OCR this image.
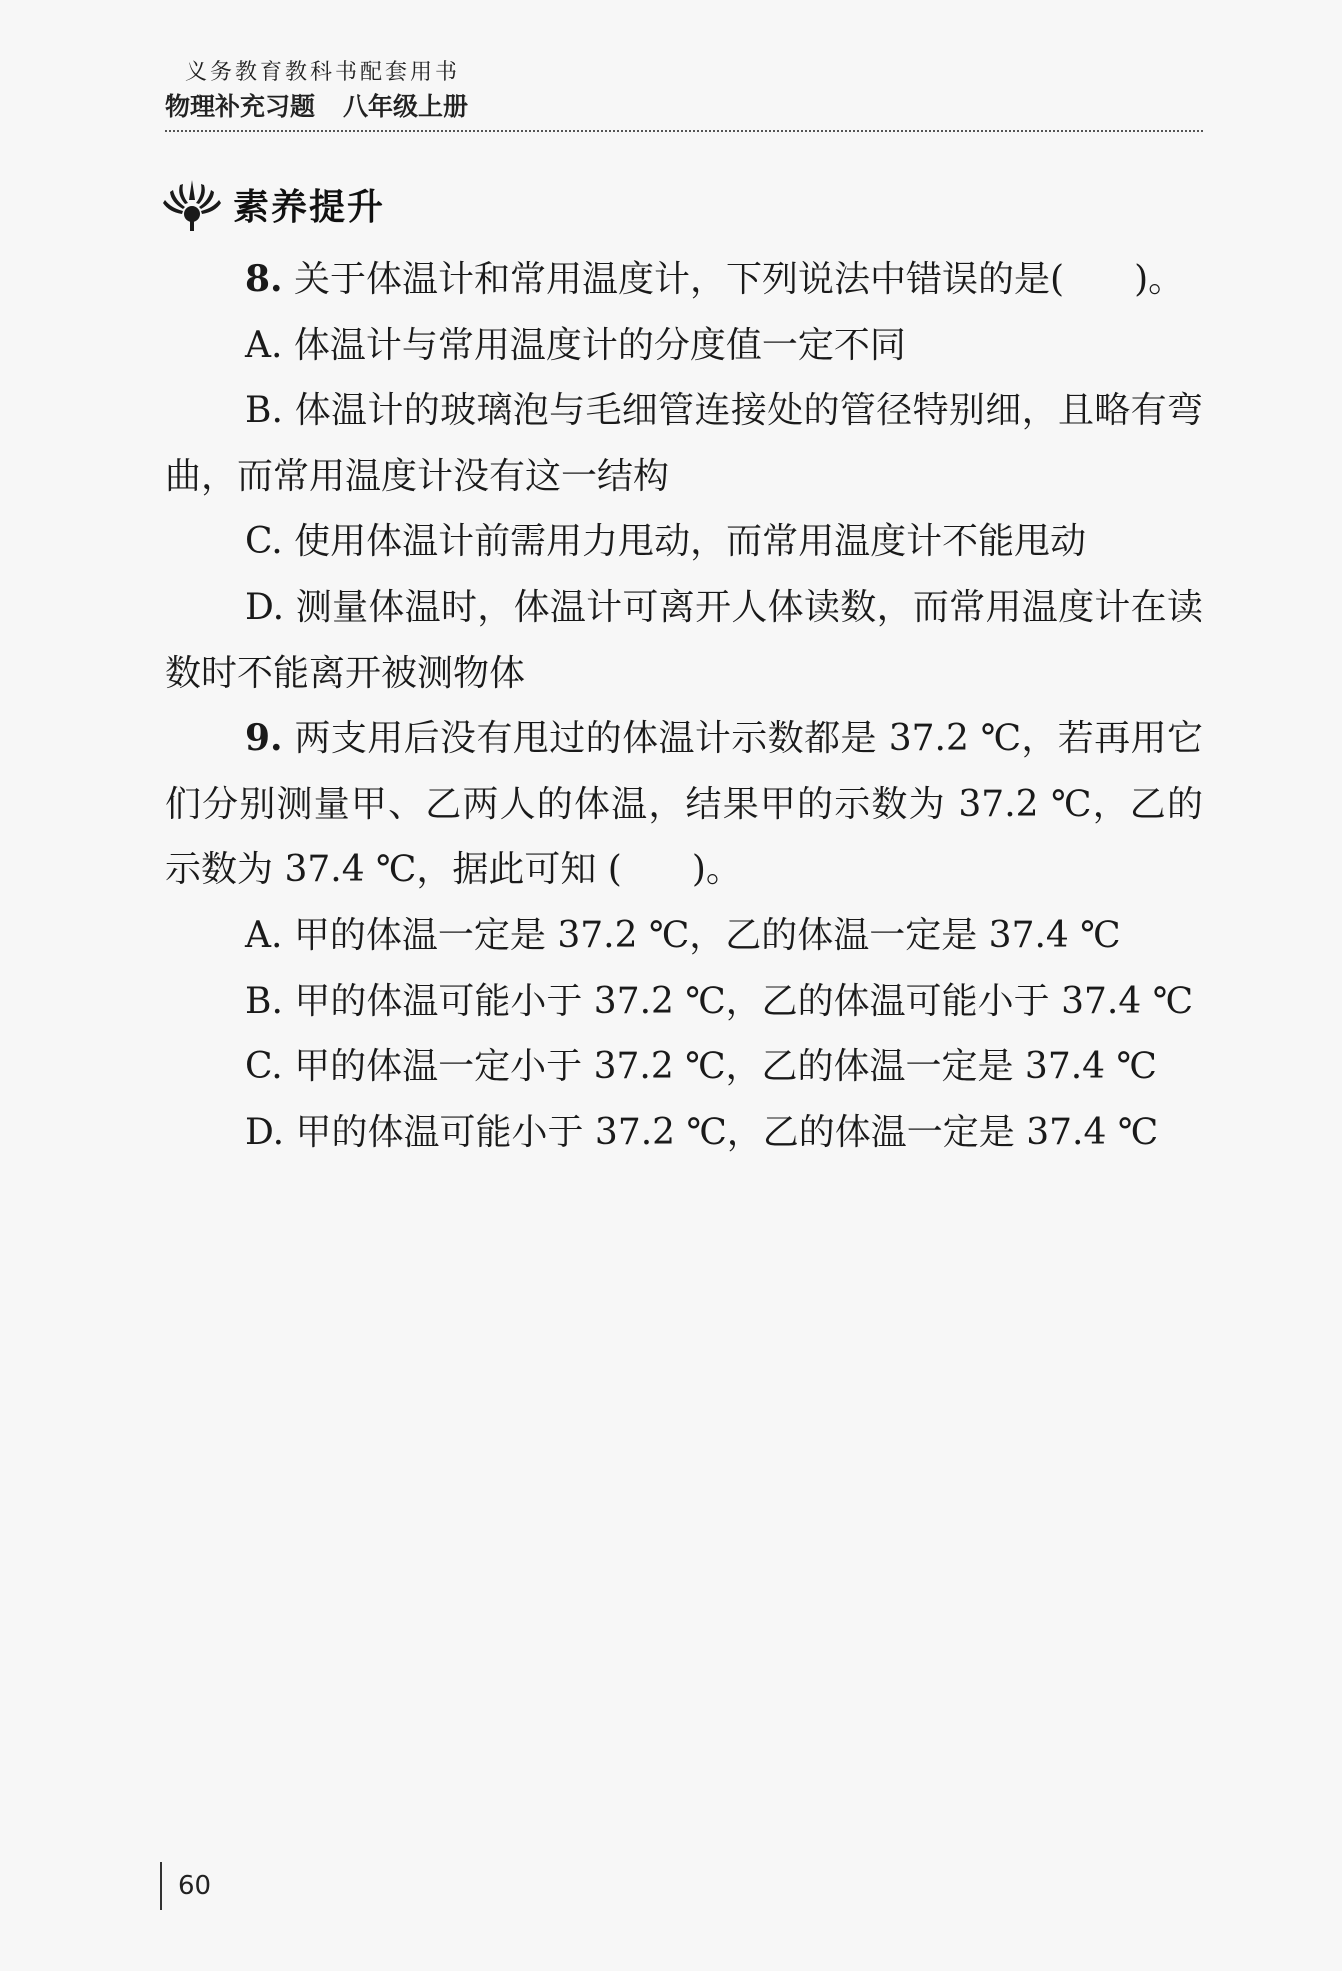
义务教育教科书配套用书
物理补充习题 八年级上册
素养提升

8. 关于体温计和常用温度计，下列说法中错误的是( )。

A. 体温计与常用温度计的分度值一定不同

B. 体温计的玻璃泡与毛细管连接处的管径特别细，且略有弯曲，而常用温度计没有这一结构

C. 使用体温计前需用力甩动，而常用温度计不能甩动

D. 测量体温时，体温计可离开人体读数，而常用温度计在读数时不能离开被测物体

9. 两支用后没有甩过的体温计示数都是 37.2 ℃，若再用它们分别测量甲、乙两人的体温，结果甲的示数为 37.2 ℃，乙的示数为 37.4 ℃，据此可知 ( )。

A. 甲的体温一定是 37.2 ℃，乙的体温一定是 37.4 ℃

B. 甲的体温可能小于 37.2 ℃，乙的体温可能小于 37.4 ℃

C. 甲的体温一定小于 37.2 ℃，乙的体温一定是 37.4 ℃

D. 甲的体温可能小于 37.2 ℃，乙的体温一定是 37.4 ℃

60
